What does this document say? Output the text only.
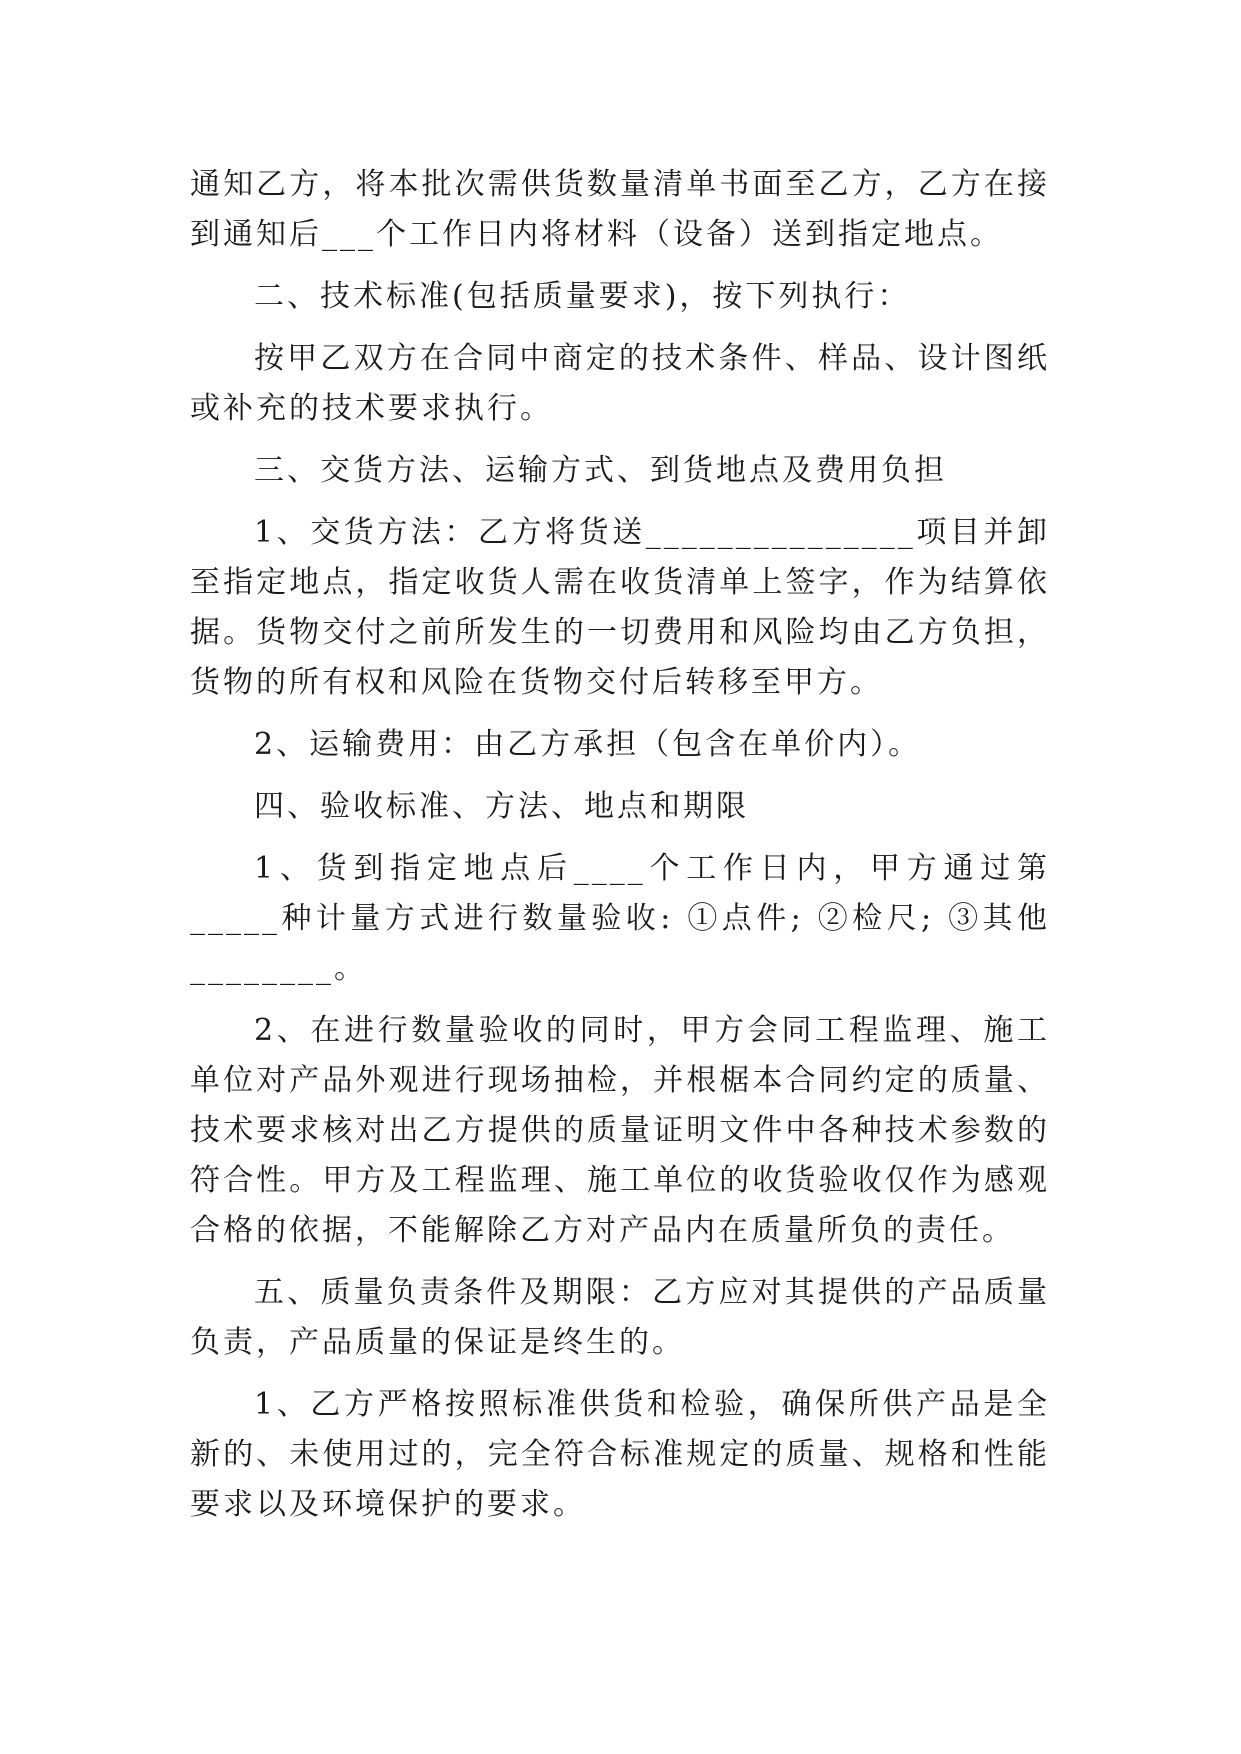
通知乙方，将本批次需供货数量清单书面至乙方，乙方在接到通知后___个工作日内将材料（设备）送到指定地点。

二、技术标准(包括质量要求)，按下列执行：

按甲乙双方在合同中商定的技术条件、样品、设计图纸或补充的技术要求执行。

三、交货方法、运输方式、到货地点及费用负担

1、交货方法：乙方将货送_______________项目并卸至指定地点，指定收货人需在收货清单上签字，作为结算依据。货物交付之前所发生的一切费用和风险均由乙方负担，货物的所有权和风险在货物交付后转移至甲方。

2、运输费用：由乙方承担（包含在单价内）。

四、验收标准、方法、地点和期限

1、货到指定地点后____个工作日内，甲方通过第_____种计量方式进行数量验收: ①点件; ②检尺; ③其他________。

2、在进行数量验收的同时，甲方会同工程监理、施工单位对产品外观进行现场抽检，并根椐本合同约定的质量、技术要求核对出乙方提供的质量证明文件中各种技术参数的符合性。甲方及工程监理、施工单位的收货验收仅作为感观合格的依据，不能解除乙方对产品内在质量所负的责任。

五、质量负责条件及期限：乙方应对其提供的产品质量负责，产品质量的保证是终生的。

1、乙方严格按照标准供货和检验，确保所供产品是全新的、未使用过的，完全符合标准规定的质量、规格和性能要求以及环境保护的要求。
